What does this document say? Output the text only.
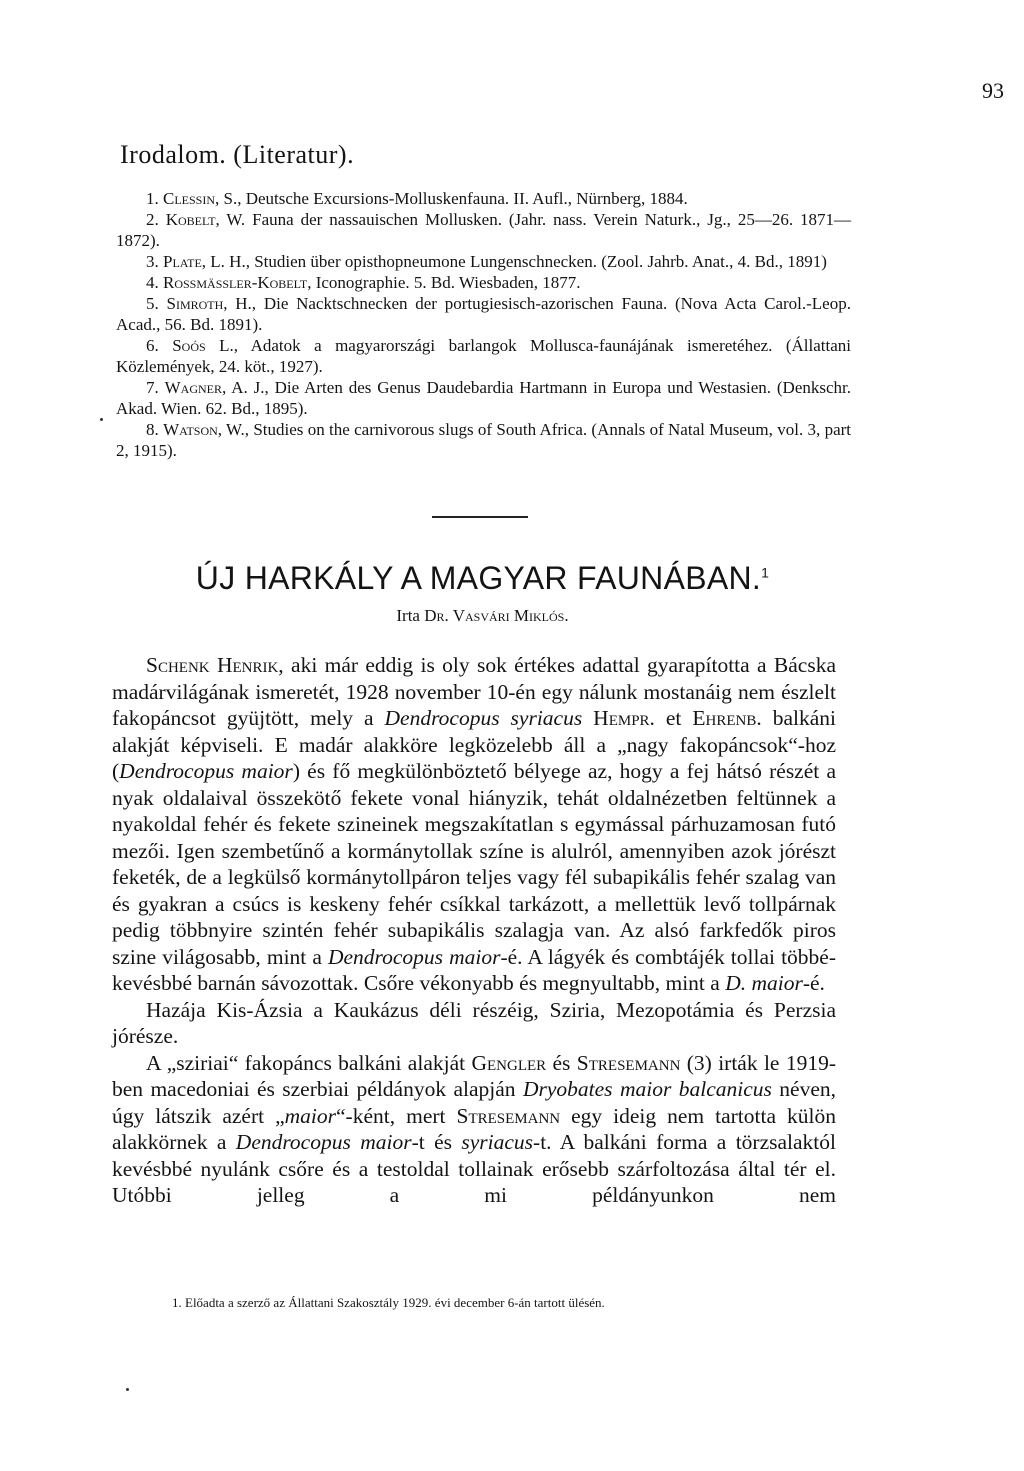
93
Irodalom. (Literatur).

1. Clessin, S., Deutsche Excursions-Molluskenfauna. II. Aufl., Nürnberg, 1884.

2. Kobelt, W. Fauna der nassauischen Mollusken. (Jahr. nass. Verein Naturk., Jg., 25—26. 1871—1872).

3. Plate, L. H., Studien über opisthopneumone Lungenschnecken. (Zool. Jahrb. Anat., 4. Bd., 1891)

4. Rossmässler-Kobelt, Iconographie. 5. Bd. Wiesbaden, 1877.

5. Simroth, H., Die Nacktschnecken der portugiesisch-azorischen Fauna. (Nova Acta Carol.-Leop. Acad., 56. Bd. 1891).

6. Soós L., Adatok a magyarországi barlangok Mollusca-faunájának ismeretéhez. (Állattani Közlemények, 24. köt., 1927).

7. Wagner, A. J., Die Arten des Genus Daudebardia Hartmann in Europa und Westasien. (Denkschr. Akad. Wien. 62. Bd., 1895).

8. Watson, W., Studies on the carnivorous slugs of South Africa. (Annals of Natal Museum, vol. 3, part 2, 1915).

ÚJ HARKÁLY A MAGYAR FAUNÁBAN.$^1$
Irta Dr. Vasvári Miklós.

Schenk Henrik, aki már eddig is oly sok értékes adattal gyarapította a Bácska madárvilágának ismeretét, 1928 november 10-én egy nálunk mostanáig nem észlelt fakopáncsot gyüjtött, mely a Dendrocopus syriacus Hempr. et Ehrenb. balkáni alakját képviseli. E madár alakköre legközelebb áll a „nagy fakopáncsok“-hoz (Dendrocopus maior) és fő megkülönböztető bélyege az, hogy a fej hátsó részét a nyak oldalaival összekötő fekete vonal hiányzik, tehát oldalnézetben feltünnek a nyakoldal fehér és fekete szineinek megszakítatlan s egymással párhuzamosan futó mezői. Igen szembetűnő a kormánytollak színe is alulról, amennyiben azok jórészt feketék, de a legkülső kormánytollpáron teljes vagy fél subapikális fehér szalag van és gyakran a csúcs is keskeny fehér csíkkal tarkázott, a mellettük levő tollpárnak pedig többnyire szintén fehér subapikális szalagja van. Az alsó farkfedők piros szine világosabb, mint a Dendrocopus maior-é. A lágyék és combtájék tollai többé-kevésbbé barnán sávozottak. Csőre vékonyabb és megnyultabb, mint a D. maior-é.

Hazája Kis-Ázsia a Kaukázus déli részéig, Sziria, Mezopotámia és Perzsia jórésze.

A „sziriai“ fakopáncs balkáni alakját Gengler és Stresemann (3) irták le 1919-ben macedoniai és szerbiai példányok alapján Dryobates maior balcanicus néven, úgy látszik azért „maior“-ként, mert Stresemann egy ideig nem tartotta külön alakkörnek a Dendrocopus maior-t és syriacus-t. A balkáni forma a törzsalaktól kevésbbé nyulánk csőre és a testoldal tollainak erősebb szárfoltozása által tér el. Utóbbi jelleg a mi példányunkon nem

1. Előadta a szerző az Állattani Szakosztály 1929. évi december 6-án tartott ülésén.
